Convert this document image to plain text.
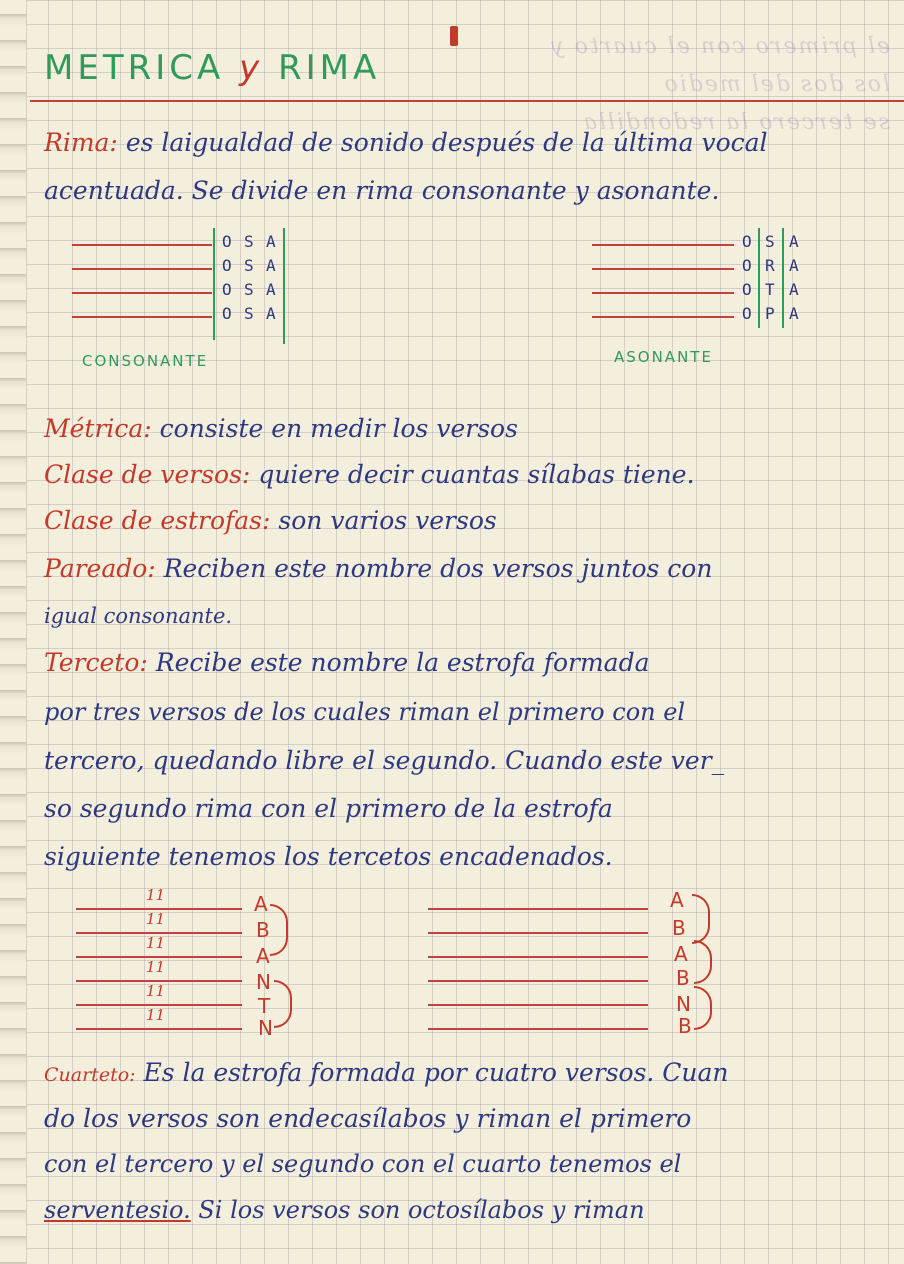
el primero con el cuarto y los dos del medio
se tercero la redondilla
METRICA y RIMA
Rima: es laigualdad de sonido después de la última vocal
acentuada. Se divide en rima consonante y asonante.
O S A
O S A
O S A
O S A
CONSONANTE
O S A
O R A
O T A
O P A
ASONANTE
Métrica: consiste en medir los versos
Clase de versos: quiere decir cuantas sílabas tiene.
Clase de estrofas: son varios versos
Pareado: Reciben este nombre dos versos juntos con
igual consonante.
Terceto: Recibe este nombre la estrofa formada
por tres versos de los cuales riman el primero con el
tercero, quedando libre el segundo. Cuando este ver_
so segundo rima con el primero de la estrofa
siguiente tenemos los tercetos encadenados.
11
11
11
11
11
11
A
B
A
N
T
N
A
B
A
B
N
B
Cuarteto: Es la estrofa formada por cuatro versos. Cuan
do los versos son endecasílabos y riman el primero
con el tercero y el segundo con el cuarto tenemos el
serventesio. Si los versos son octosílabos y riman
